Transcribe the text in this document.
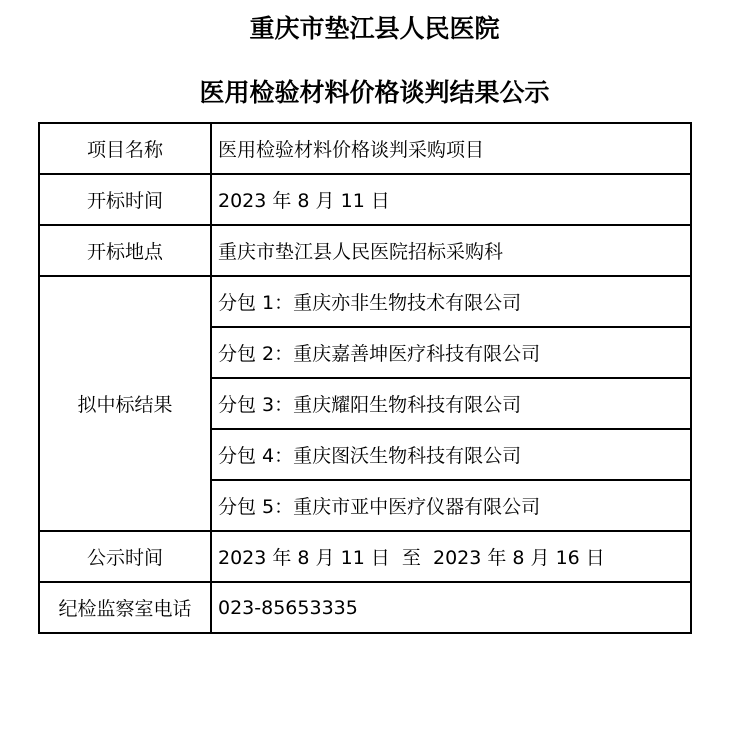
重庆市垫江县人民医院
医用检验材料价格谈判结果公示
项目名称	医用检验材料价格谈判采购项目
开标时间	2023 年 8 月 11 日
开标地点	重庆市垫江县人民医院招标采购科
拟中标结果	分包 1：重庆亦非生物技术有限公司
	分包 2：重庆嘉善坤医疗科技有限公司
	分包 3：重庆耀阳生物科技有限公司
	分包 4：重庆图沃生物科技有限公司
	分包 5：重庆市亚中医疗仪器有限公司
公示时间	2023 年 8 月 11 日  至  2023 年 8 月 16 日
纪检监察室电话	023-85653335
